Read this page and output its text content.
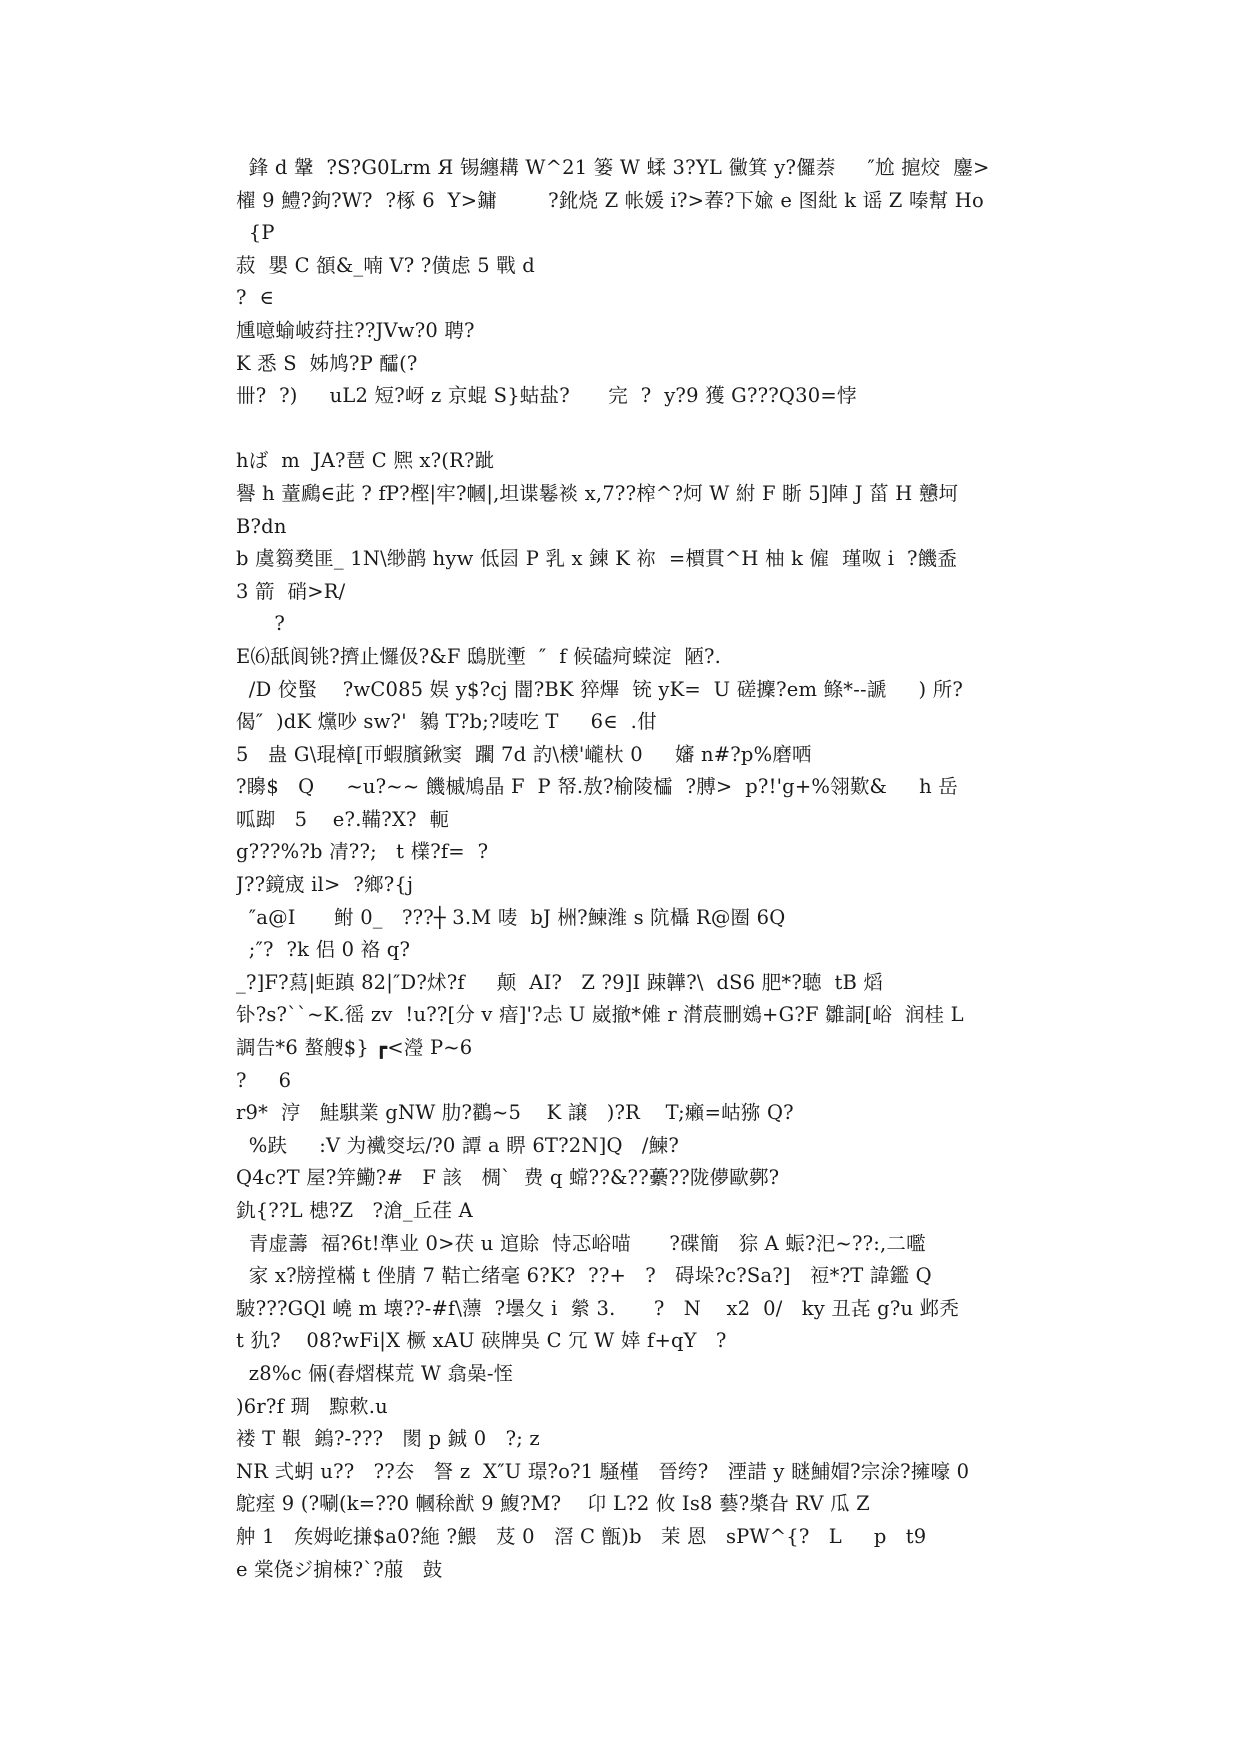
鋒 d 鞶  ?S?G0Lrm Я 锡纏耩 W^21 篓 W 蝚 3?YL 黴箕 y?儸萘     ″尬 㨭烄  鏖>
櫂 9 鱧?鉤?W?  ?椓 6  Y>鏞        ?鈋烧 Z 帐媛 i?>萶?下婾 e 图紕 k 谣 Z 嗪幫 Ho
{P
菽  嬰 C 頟&_喃 V? ?僙虑 5 戰 d
?  ∈
尰噫蝓岥荮拄??JVw?0 聘?
K 悉 S  姊鸠?P 醽(?
卌?  ?)     uL2 短?岈 z 京蜫 S}蛄盐?      完  ?  y?9 獲 G???Q30=悖
hば  m  JA?琶 C 熈 x?(R?跐
譽 h 蕫鷉∈茈 ? fP?樫|牢?幗|,坦谍鬈裧 x,7??榨^?炣 W 紨 F 䀿 5]陣 J 菑 H 戇坷
B?dn
b 虞篘奦匪_ 1N\缈鹋 hyw 低囩 P 乳 x 鍊 K 祢  =檟貫^H 柚 k 僱  瑾呶 i  ?饑盉
3 箭  硝>R/
?
E⑹舐阆铫?擠止㦬伋?&F 鴟胱壍  ″  f 候磕疴蝾淀  陋?.
/D 佼蜸    ?wC085 娱 y$?cj 闇?BK 猝熚  铳 yK=  U 磋攈?em 鲦*--謕     ) 所?
偈″  )dK 爣吵 sw?'  鶨 T?b;?唛吃 T     6∈  .佄
5   蛊 G\琨樟[帀蝦臏鍬窦  躙 7d 訋\檨'巄杕 0     嬸 n#?p%磨哂
?矏$   Q     ~u?~~ 饑槭鳩晶 F  P 帑.敖?榆陵櫺  ?膊>  p?!'g+%翎歎&     h 岳
呱踋   5    e?.鞴?X?  軛
g???%?b 凊??;   t 檏?f=  ?
J??鏡宬 il>  ?鄉?{j
″a@I      鲋 0_   ???┼ 3.M 唛  bJ 栦?鰊潍 s 阬欇 R@圈 6Q
;″?  ?k 侣 0 袼 q?
_?]F?蕮|蚷蹎 82|″D?炢?f     颠  AI?   Z ?9]I 踈韡?\  dS6 肥*?聴  tB 熖
钋?s?``~K.徭 zv  !u??[分 v 瘖]'?忐 U 崴撤*傩 r 潸莀刪鴳+G?F 雛詷[峪  润桂 L
調告*6 螯艘$} ┏<瀅 P~6
?     6
r9*  涥   鮭騏業 gNW 肋?鸐~5    K 譲   )?R    T;癩=岵猕 Q?
%趺     :V 为襶窔坛/?0 譚 a 睤 6T?2N]Q   /鰊?
Q4c?T 屋?笄鰳?#   F 該   椆`  费 q 蟐??&??虆??陇儚歐鄸?
釚{??L 槵?Z   ?滄_丘荏 A
青虚薵  福?6t!準业 0>茯 u 逭賒  恃忑峪喵      ?碟簡   猔 A 蜄?汜~??:,二嚂
家 x?牓摚樠 t 侳腈 7 鞊亡绪毫 6?K?  ??+   ?   碍垛?c?Sa?]   䄈*?T 諱鑑 Q
駊???GQl 嶢 m 壊??-#f\薸  ?壜夂 i  縈 3.      ?   N    x2  0/   ky 丑㐂 g?u 邺秃
t 犰?    08?wFi|X 橛 xAU 硖牌吳 C 冗 W 婞 f+qY   ?
z8%c 倆(舂熠楳荒 W 翕喿-恎
)6r?f 琱   黥欶.u
褛 T 鞎  鎢?-???   閡 p 鋮 0   ?; z
NR 弍蚏 u??   ??厺   詧 z  X″U 璟?o?1 騒槿   晉绔?   湮諎 y 瞇鯆媢?宗涂?擁嚎 0
鴕痓 9 (?唰(k=??0 幗稌猷 9 鰒?M?    卬 L?2 攸 Is8 藝?槳旮 RV 瓜 Z
舯 1   矦姆屹搛$a0?絁 ?鰃   芨 0   滘 C 甑)b   茉 恩   sPW^{?   L     p   t9
e 棠侥ジ掮梀?`?菔   鼓
